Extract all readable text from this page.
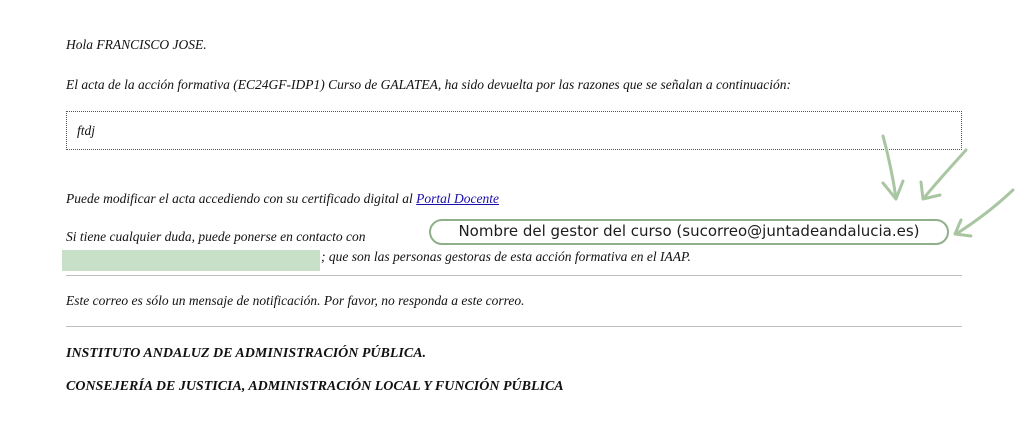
Hola FRANCISCO JOSE.
El acta de la acción formativa (EC24GF-IDP1) Curso de GALATEA, ha sido devuelta por las razones que se señalan a continuación:
ftdj
Puede modificar el acta accediendo con su certificado digital al Portal Docente
Si tiene cualquier duda, puede ponerse en contacto con	Nombre del gestor del curso (sucorreo@juntadeandalucia.es)
; que son las personas gestoras de esta acción formativa en el IAAP.
Este correo es sólo un mensaje de notificación. Por favor, no responda a este correo.
INSTITUTO ANDALUZ DE ADMINISTRACIÓN PÚBLICA.
CONSEJERÍA DE JUSTICIA, ADMINISTRACIÓN LOCAL Y FUNCIÓN PÚBLICA
